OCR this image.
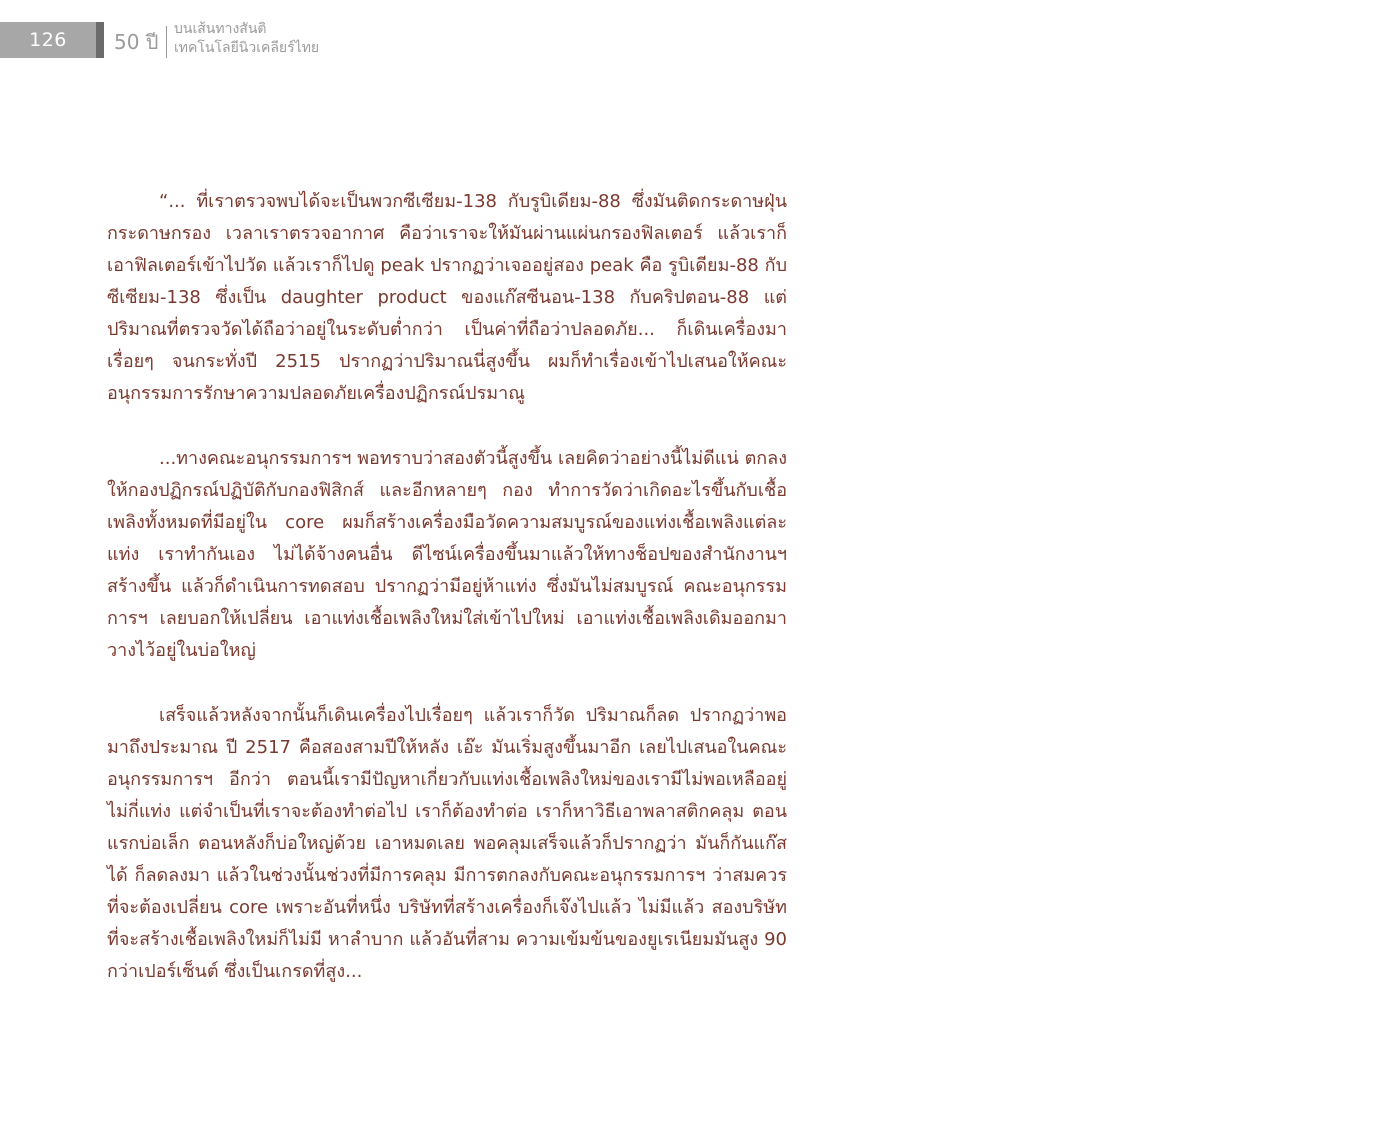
126 50 ปี
บนเส้นทางสันติ
เทคโนโลยีนิวเคลียร์ไทย

“... ที่เราตรวจพบได้จะเป็นพวกซีเซียม-138 กับรูบิเดียม-88 ซึ่งมันติดกระดาษฝุ่น กระดาษกรอง เวลาเราตรวจอากาศ คือว่าเราจะให้มันผ่านแผ่นกรองฟิลเตอร์ แล้วเราก็เอาฟิลเตอร์เข้าไปวัด แล้วเราก็ไปดู peak ปรากฏว่าเจออยู่สอง peak คือ รูบิเดียม-88 กับซีเซียม-138 ซึ่งเป็น daughter product ของแก๊สซีนอน-138 กับคริปตอน-88 แต่ปริมาณที่ตรวจวัดได้ถือว่าอยู่ในระดับต่ำกว่า เป็นค่าที่ถือว่าปลอดภัย... ก็เดินเครื่องมาเรื่อยๆ จนกระทั่งปี 2515 ปรากฏว่าปริมาณนี่สูงขึ้น ผมก็ทำเรื่องเข้าไปเสนอให้คณะอนุกรรมการรักษาความปลอดภัยเครื่องปฏิกรณ์ปรมาณู

...ทางคณะอนุกรรมการฯ พอทราบว่าสองตัวนี้สูงขึ้น เลยคิดว่าอย่างนี้ไม่ดีแน่ ตกลงให้กองปฏิกรณ์ปฏิบัติกับกองฟิสิกส์ และอีกหลายๆ กอง ทำการวัดว่าเกิดอะไรขึ้นกับเชื้อเพลิงทั้งหมดที่มีอยู่ใน core ผมก็สร้างเครื่องมือวัดความสมบูรณ์ของแท่งเชื้อเพลิงแต่ละแท่ง เราทำกันเอง ไม่ได้จ้างคนอื่น ดีไซน์เครื่องขึ้นมาแล้วให้ทางช็อปของสำนักงานฯ สร้างขึ้น แล้วก็ดำเนินการทดสอบ ปรากฏว่ามีอยู่ห้าแท่ง ซึ่งมันไม่สมบูรณ์ คณะอนุกรรมการฯ เลยบอกให้เปลี่ยน เอาแท่งเชื้อเพลิงใหม่ใส่เข้าไปใหม่ เอาแท่งเชื้อเพลิงเดิมออกมาวางไว้อยู่ในบ่อใหญ่

เสร็จแล้วหลังจากนั้นก็เดินเครื่องไปเรื่อยๆ แล้วเราก็วัด ปริมาณก็ลด ปรากฏว่าพอมาถึงประมาณ ปี 2517 คือสองสามปีให้หลัง เอ๊ะ มันเริ่มสูงขึ้นมาอีก เลยไปเสนอในคณะอนุกรรมการฯ อีกว่า ตอนนี้เรามีปัญหาเกี่ยวกับแท่งเชื้อเพลิงใหม่ของเรามีไม่พอเหลืออยู่ไม่กี่แท่ง แต่จำเป็นที่เราจะต้องทำต่อไป เราก็ต้องทำต่อ เราก็หาวิธีเอาพลาสติกคลุม ตอนแรกบ่อเล็ก ตอนหลังก็บ่อใหญ่ด้วย เอาหมดเลย พอคลุมเสร็จแล้วก็ปรากฏว่า มันก็กันแก๊สได้ ก็ลดลงมา แล้วในช่วงนั้นช่วงที่มีการคลุม มีการตกลงกับคณะอนุกรรมการฯ ว่าสมควรที่จะต้องเปลี่ยน core เพราะอันที่หนึ่ง บริษัทที่สร้างเครื่องก็เจ๊งไปแล้ว ไม่มีแล้ว สองบริษัทที่จะสร้างเชื้อเพลิงใหม่ก็ไม่มี หาลำบาก แล้วอันที่สาม ความเข้มข้นของยูเรเนียมมันสูง 90 กว่าเปอร์เซ็นต์ ซึ่งเป็นเกรดที่สูง...
